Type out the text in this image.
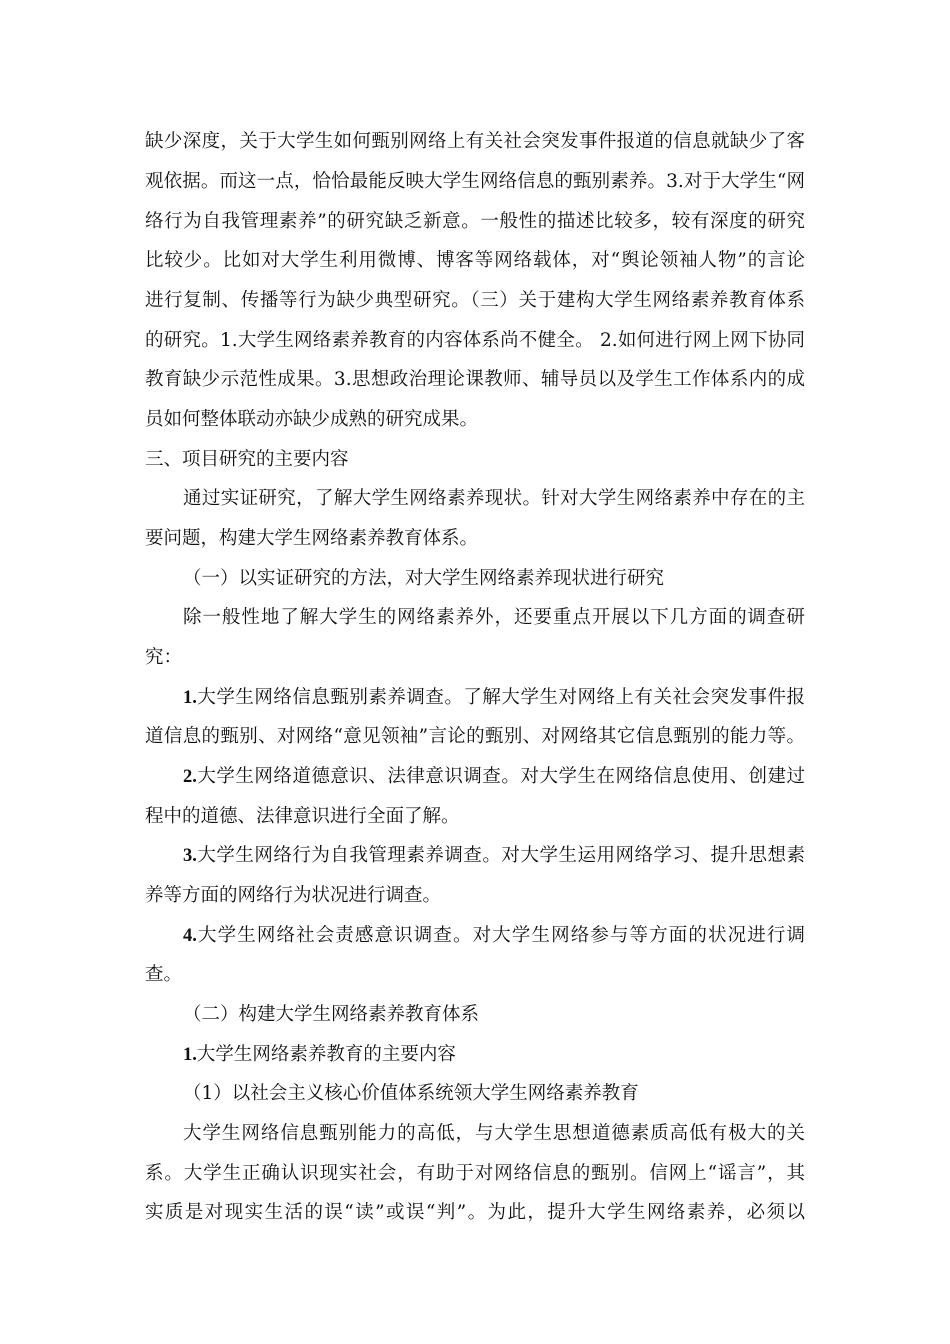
缺少深度，关于大学生如何甄别网络上有关社会突发事件报道的信息就缺少了客

观依据。而这一点，恰恰最能反映大学生网络信息的甄别素养。3.对于大学生“网

络行为自我管理素养”的研究缺乏新意。一般性的描述比较多，较有深度的研究

比较少。比如对大学生利用微博、博客等网络载体，对“舆论领袖人物”的言论

进行复制、传播等行为缺少典型研究。（三）关于建构大学生网络素养教育体系

的研究。1.大学生网络素养教育的内容体系尚不健全。 2.如何进行网上网下协同

教育缺少示范性成果。3.思想政治理论课教师、辅导员以及学生工作体系内的成

员如何整体联动亦缺少成熟的研究成果。

三、项目研究的主要内容

通过实证研究，了解大学生网络素养现状。针对大学生网络素养中存在的主

要问题，构建大学生网络素养教育体系。

（一）以实证研究的方法，对大学生网络素养现状进行研究

除一般性地了解大学生的网络素养外，还要重点开展以下几方面的调查研

究：

1.大学生网络信息甄别素养调查。了解大学生对网络上有关社会突发事件报

道信息的甄别、对网络“意见领袖”言论的甄别、对网络其它信息甄别的能力等。

2.大学生网络道德意识、法律意识调查。对大学生在网络信息使用、创建过

程中的道德、法律意识进行全面了解。

3.大学生网络行为自我管理素养调查。对大学生运用网络学习、提升思想素

养等方面的网络行为状况进行调查。

4.大学生网络社会责感意识调查。对大学生网络参与等方面的状况进行调

查。

（二）构建大学生网络素养教育体系

1.大学生网络素养教育的主要内容

（1）以社会主义核心价值体系统领大学生网络素养教育

大学生网络信息甄别能力的高低，与大学生思想道德素质高低有极大的关

系。大学生正确认识现实社会，有助于对网络信息的甄别。信网上“谣言”，其

实质是对现实生活的误“读”或误“判”。为此，提升大学生网络素养，必须以
